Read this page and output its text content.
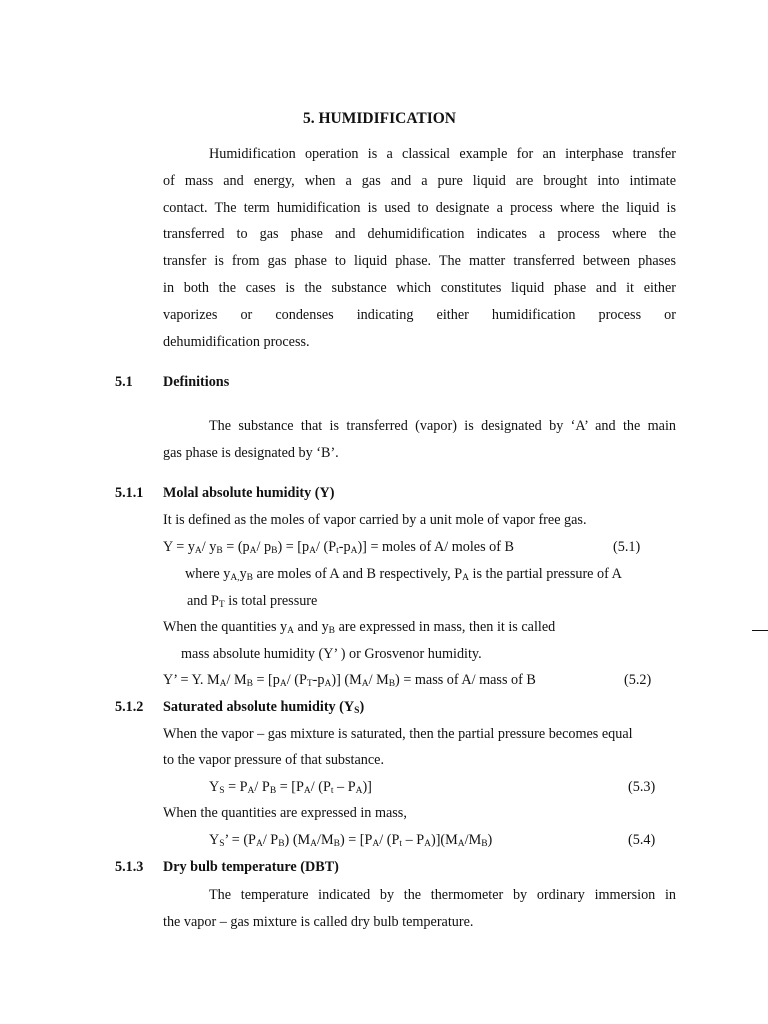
5. HUMIDIFICATION
Humidification operation is a classical example for an interphase transfer
of mass and energy, when a gas and a pure liquid are brought into intimate
contact. The term humidification is used to designate a process where the liquid is
transferred to gas phase and dehumidification indicates a process where the
transfer is from gas phase to liquid phase. The matter transferred between phases
in both the cases is the substance which constitutes liquid phase and it either
vaporizes or condenses indicating either humidification process or
dehumidification process.
5.1 Definitions
The substance that is transferred (vapor) is designated by ‘A’ and the main
gas phase is designated by ‘B’.
5.1.1 Molal absolute humidity (Y)
It is defined as the moles of vapor carried by a unit mole of vapor free gas.
$Y = y_A/$ $y_B = (p_A/$ $p_B) = [p_A/$ $(P_t-p_A)$] = moles of A/ moles of B	(5.1)
where $y_{A,}y_B$ are moles of A and B respectively, $P_A$ is the partial pressure of A
and $P_T$ is total pressure
When the quantities $y_A$ and $y_B$ are expressed in mass, then it is called
mass absolute humidity (Y’ ) or Grosvenor humidity.
Y’ = Y. $M_A/$ $M_B = [p_A/$ $(P_T-p_A)$] ($M_A/$ $M_B$) = mass of A/ mass of B	(5.2)
5.1.2 Saturated absolute humidity $(Y_S)$
When the vapor – gas mixture is saturated, then the partial pressure becomes equal
to the vapor pressure of that substance.
$Y_S = P_A/$ $P_B = [P_A/$ $(P_t - P_A)$]	(5.3)
When the quantities are expressed in mass,
$Y_S$’ = ($P_A/$ $P_B$) $(M_A/M_B) = [P_A/$ $(P_t - P_A)](M_A/M_B)$	(5.4)
5.1.3 Dry bulb temperature (DBT)
The temperature indicated by the thermometer by ordinary immersion in
the vapor – gas mixture is called dry bulb temperature.
